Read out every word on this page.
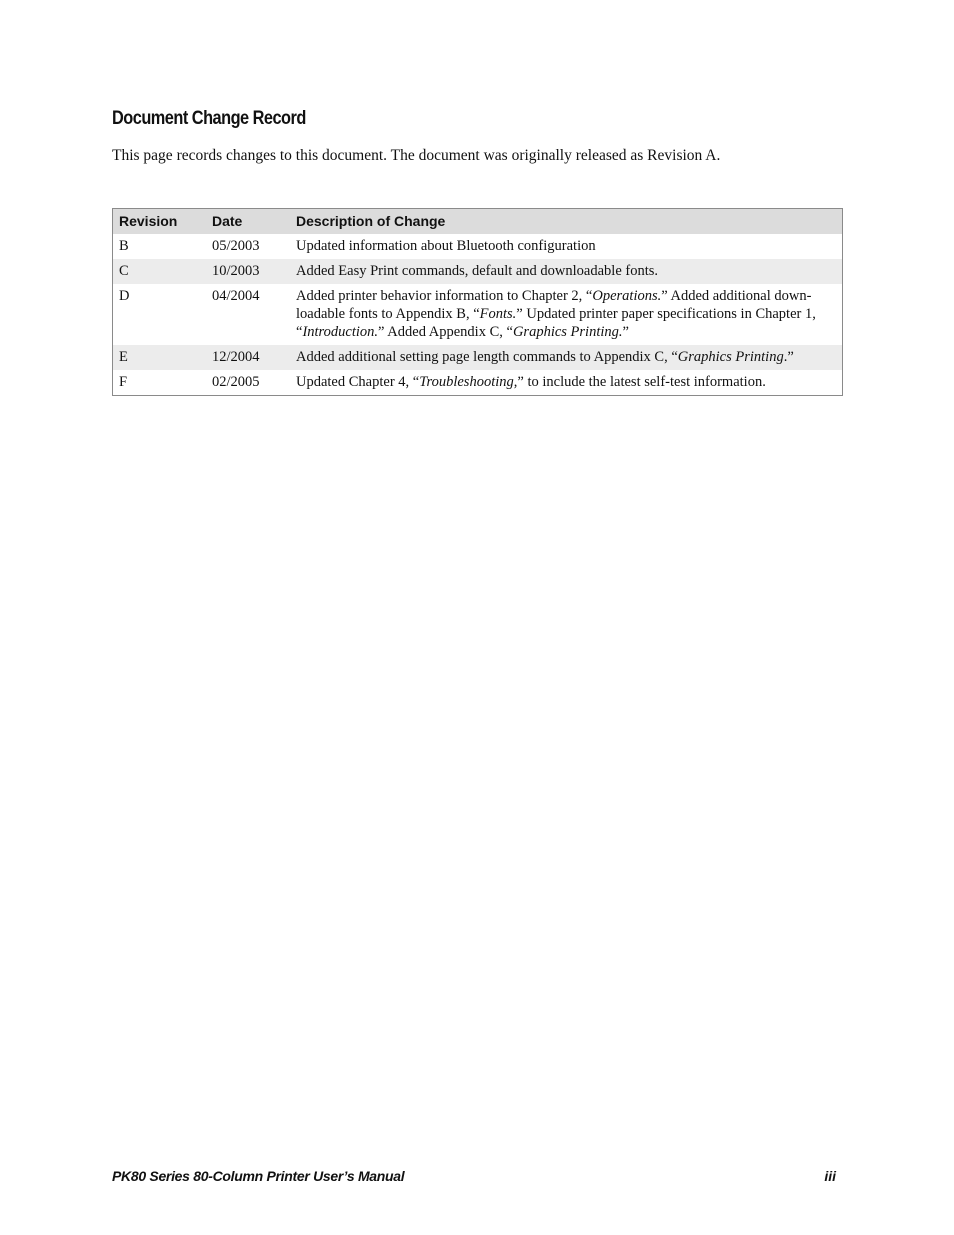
Document Change Record

This page records changes to this document. The document was originally released as Revision A.

Revision	Date	Description of Change
B	05/2003	Updated information about Bluetooth configuration
C	10/2003	Added Easy Print commands, default and downloadable fonts.
D	04/2004	Added printer behavior information to Chapter 2, “Operations.” Added additional down-loadable fonts to Appendix B, “Fonts.” Updated printer paper specifications in Chapter 1, “Introduction.” Added Appendix C, “Graphics Printing.”
E	12/2004	Added additional setting page length commands to Appendix C, “Graphics Printing.”
F	02/2005	Updated Chapter 4, “Troubleshooting,” to include the latest self-test information.
PK80 Series 80-Column Printer User’s Manual	iii
